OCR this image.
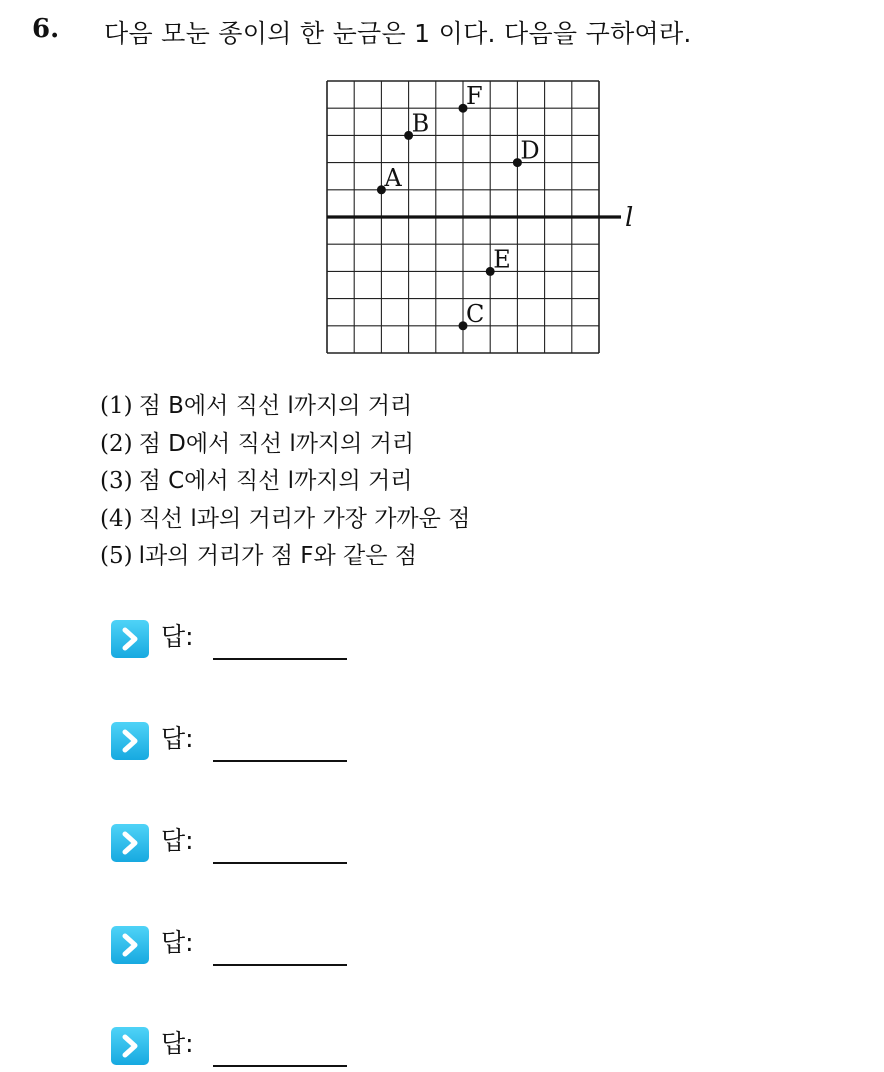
6. 다음 모눈 종이의 한 눈금은 1 이다. 다음을 구하여라.
l
F
B
D
A
E
C
(1) 점 B에서 직선 l까지의 거리
(2) 점 D에서 직선 l까지의 거리
(3) 점 C에서 직선 l까지의 거리
(4) 직선 l과의 거리가 가장 가까운 점
(5) l과의 거리가 점 F와 같은 점
답:
답:
답:
답:
답:
